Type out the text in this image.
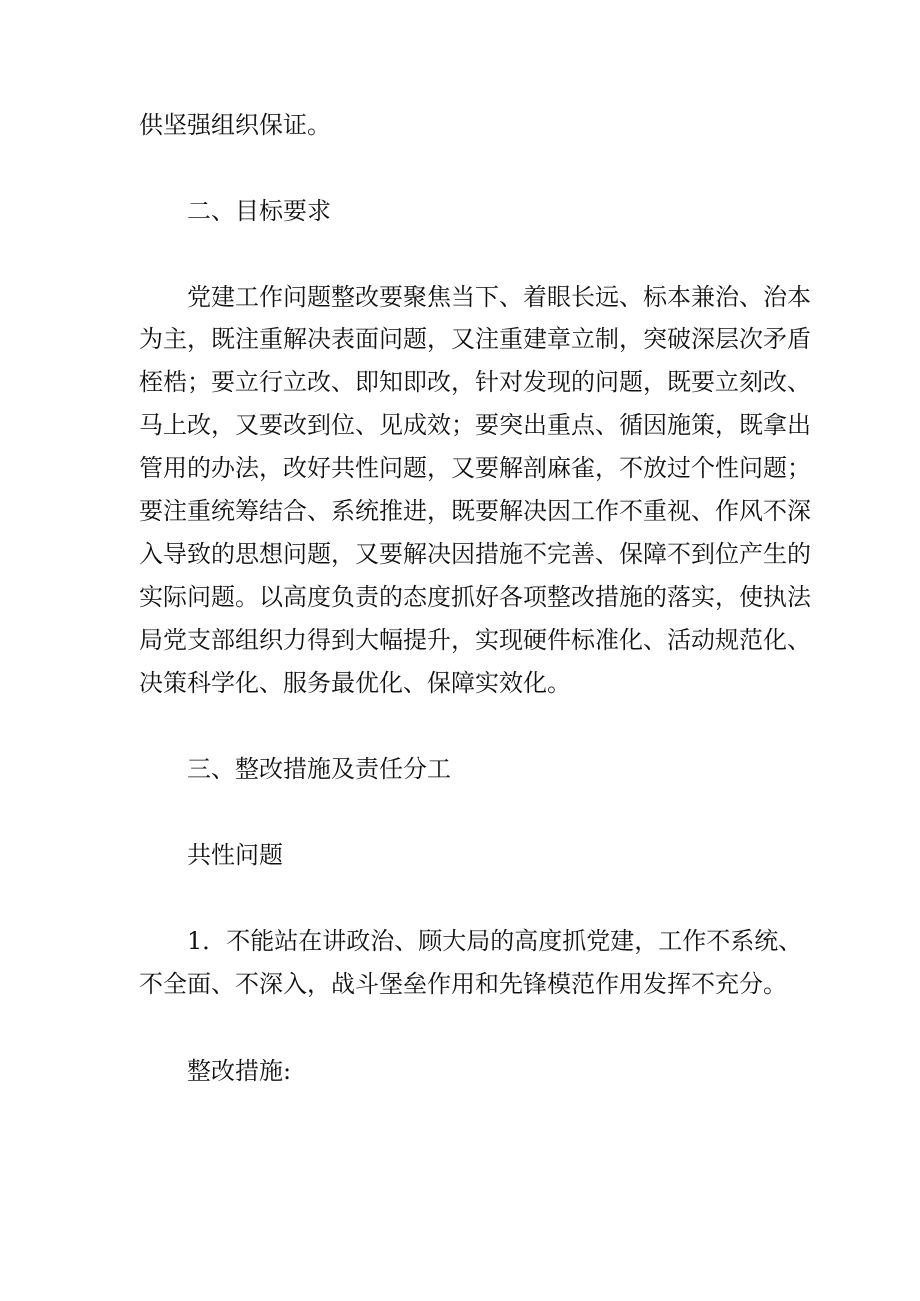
供坚强组织保证。

二、目标要求

党建工作问题整改要聚焦当下、着眼长远、标本兼治、治本

为主，既注重解决表面问题，又注重建章立制，突破深层次矛盾

桎梏；要立行立改、即知即改，针对发现的问题，既要立刻改、

马上改，又要改到位、见成效；要突出重点、循因施策，既拿出

管用的办法，改好共性问题，又要解剖麻雀，不放过个性问题；

要注重统筹结合、系统推进，既要解决因工作不重视、作风不深

入导致的思想问题，又要解决因措施不完善、保障不到位产生的

实际问题。以高度负责的态度抓好各项整改措施的落实，使执法

局党支部组织力得到大幅提升，实现硬件标准化、活动规范化、

决策科学化、服务最优化、保障实效化。

三、整改措施及责任分工

共性问题

1．不能站在讲政治、顾大局的高度抓党建，工作不系统、

不全面、不深入，战斗堡垒作用和先锋模范作用发挥不充分。

整改措施:
